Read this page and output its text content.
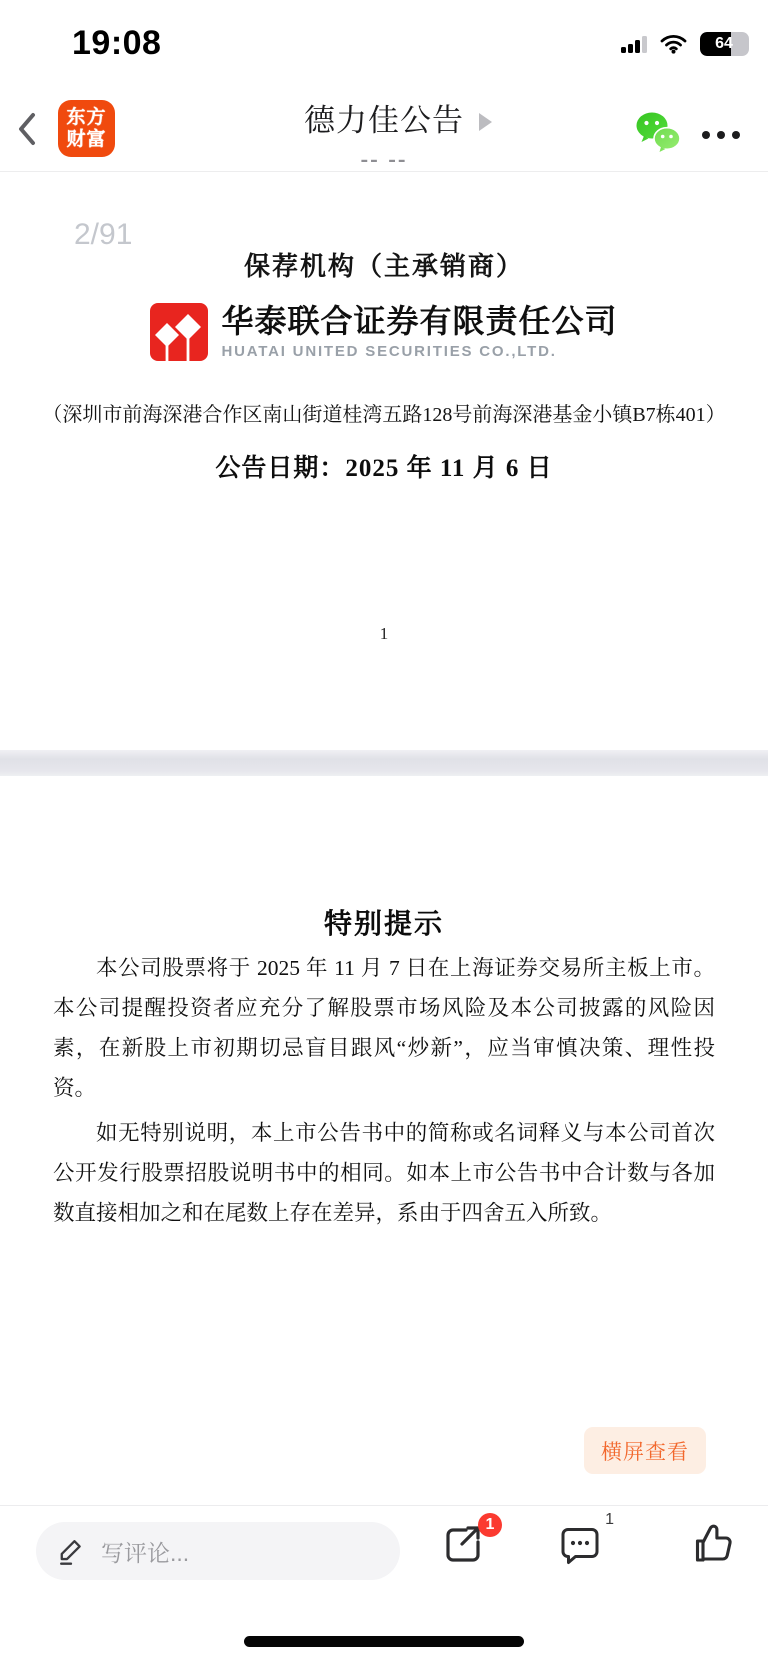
19:08	64
东方
财富
德力佳公告
-- --
2/91
保荐机构（主承销商）
华泰联合证券有限责任公司
HUATAI UNITED SECURITIES CO.,LTD.
（深圳市前海深港合作区南山街道桂湾五路128号前海深港基金小镇B7栋401）
公告日期：2025 年 11 月 6 日
1
特别提示

本公司股票将于 2025 年 11 月 7 日在上海证券交易所主板上市。本公司提醒投资者应充分了解股票市场风险及本公司披露的风险因素，在新股上市初期切忌盲目跟风“炒新”，应当审慎决策、理性投资。

如无特别说明，本上市公告书中的简称或名词释义与本公司首次公开发行股票招股说明书中的相同。如本上市公告书中合计数与各加数直接相加之和在尾数上存在差异，系由于四舍五入所致。

横屏查看
写评论...
1	1
